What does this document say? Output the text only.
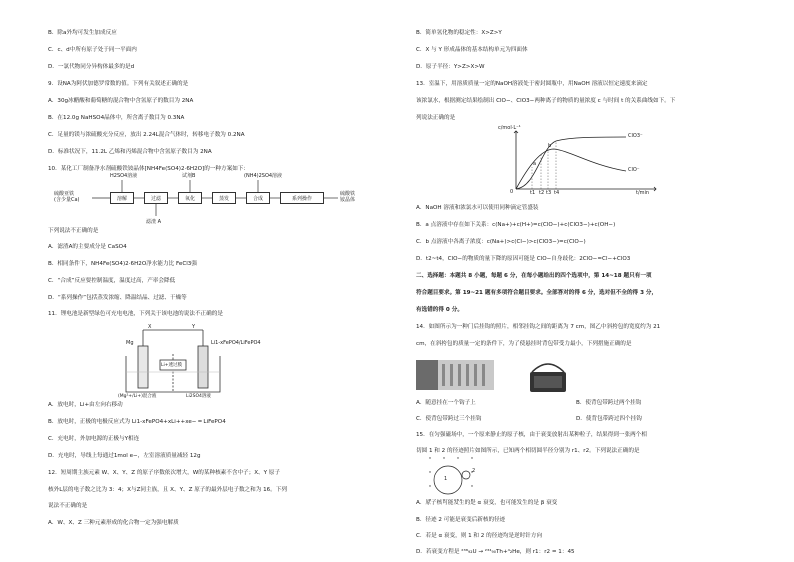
B．除a外均可发生加成反应
C．c、d中所有原子处于同一平面内
D．一氯代物同分异构体最多的是d
9．设NA为阿伏加德罗常数的值。下列有关叙述正确的是
A．30g冰醋酸和葡萄糖的混合物中含氢原子的数目为 2NA
B．在12.0g NaHSO4晶体中，所含离子数目为 0.3NA
C．足量的镁与浓硫酸充分反应，放出 2.24L混合气体时，转移电子数为 0.2NA
D．标准状况下，11.2L 乙烯和丙烯混合物中含氢原子数目为 2NA
10．某化工厂制备净水剂硫酸铁铵晶体[NH4Fe(SO4)2·6H2O]的一种方案如下：
硫酸亚铁
(含少量Ca)
H2SO4溶液	试剂B	(NH4)2SO4溶液
溶解	过滤	氧化	蒸发	合成	系列操作
硫酸铁
铵晶体
滤渣 A
下列说法不正确的是
A．滤渣A的主要成分是 CaSO4
B．相同条件下，NH4Fe(SO4)2·6H2O净水能力比 FeCl3强
C．“合成”反应要控制温度，温度过高，产率会降低
D．“系列操作”包括蒸发浓缩、降温结晶、过滤、干燥等
11．锂电池是新型绿色可充电电池，下列关于该电池的说法不正确的是
X	Y
Mg	Li1-xFePO4/LiFePO4
Li+透过膜
(Mg²+/Li+)混合液	Li2SO4溶液
A．放电时，Li+由左向右移动
B．放电时，正极的电极反应式为 Li1-xFePO4+xLi++xe− ═ LiFePO4
C．充电时，外加电源的正极与Y相连
D．充电时，导线上每通过1mol e−，左室溶液质量减轻 12g
12．短周期主族元素 W、X、Y、Z 的原子序数依次增大，W的某种核素不含中子；X、Y 原子
核外L层的电子数之比为 3：4；X与Z同主族，且 X、Y、Z 原子的最外层电子数之和为 16。下列
说法不正确的是
A．W、X、Z 三种元素形成的化合物一定为强电解质
B．简单氢化物的稳定性：X>Z>Y
C．X 与 Y 形成晶体的基本结构单元为四面体
D．原子半径：Y>Z>X>W
13．室温下，用溶质质量一定的NaOH溶液处于密封圆瓶中，用NaOH 溶液以恒定速度来滴定
该浓氯水，根据测定结果绘制出 ClO−、ClO3−两种离子的物质的量浓度 c 与时间 t 的关系曲线如下。下
列说法正确的是
c/mol·L⁻¹
t/min
0	t1 t2 t3 t4
ClO3⁻
ClO⁻
a
b
A．NaOH 溶液和浓氯水可以使用同种滴定管盛装
B．a 点溶液中存在如下关系：c(Na+)+c(H+)=c(ClO−)+c(ClO3−)+c(OH−)
C．b 点溶液中各离子浓度：c(Na+)>c(Cl−)>c(ClO3−)=c(ClO−)
D．t2~t4，ClO−的物质的量下降的原因可能是 ClO−自身歧化：2ClO−=Cl−+ClO3
二、选择题：本题共 8 小题，每题 6 分，在每小题给出的四个选项中，第 14~18 题只有一项
符合题目要求。第 19~21 题有多项符合题目要求。全部答对的得 6 分，选对但不全的得 3 分，
有选错的得 0 分。
14．如图所示为一种门后挂钩的照片，相邻挂钩之间的距离为 7 cm，图乙中斜挎包的宽度约为 21
cm，在斜挎包的质量一定的条件下，为了使悬挂时背包带受力最小，下列措施正确的是
A．随意挂在一个钩子上	B．使背包带跨过两个挂钩
C．使背包带跨过三个挂钩	D．使背包带跨过四个挂钩
15．在匀强磁场中，一个原来静止的原子核，由于衰变放射出某种粒子，结果得到一张两个相
切圆 1 和 2 的径迹照片如图所示，已知两个相切圆半径分别为 r1、r2。下列说法正确的是
1
2
A．原子核可能发生的是 α 衰变，也可能发生的是 β 衰变
B．径迹 2 可能是衰变后新核的径迹
C．若是 α 衰变，则 1 和 2 的径迹均是逆时针方向
D．若衰变方程是 ²³⁸₉₂U → ²³⁴₉₀Th+⁴₂He，则 r1：r2 = 1：45
